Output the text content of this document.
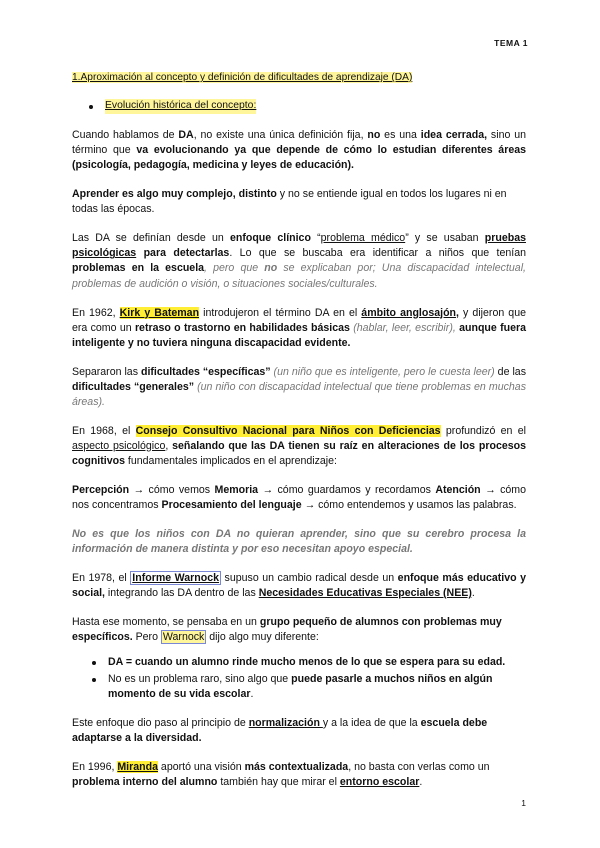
TEMA 1
1.Aproximación al concepto y definición de dificultades de aprendizaje (DA)
Evolución histórica del concepto:

Cuando hablamos de DA, no existe una única definición fija, no es una idea cerrada, sino un término que va evolucionando ya que depende de cómo lo estudian diferentes áreas (psicología, pedagogía, medicina y leyes de educación).

Aprender es algo muy complejo, distinto y no se entiende igual en todos los lugares ni en todas las épocas.

Las DA se definían desde un enfoque clínico “problema médico” y se usaban pruebas psicológicas para detectarlas. Lo que se buscaba era identificar a niños que tenían problemas en la escuela, pero que no se explicaban por; Una discapacidad intelectual, problemas de audición o visión, o situaciones sociales/culturales.

En 1962, Kirk y Bateman introdujeron el término DA en el ámbito anglosajón, y dijeron que era como un retraso o trastorno en habilidades básicas (hablar, leer, escribir), aunque fuera inteligente y no tuviera ninguna discapacidad evidente.

Separaron las dificultades “específicas” (un niño que es inteligente, pero le cuesta leer) de las dificultades “generales” (un niño con discapacidad intelectual que tiene problemas en muchas áreas).

En 1968, el Consejo Consultivo Nacional para Niños con Deficiencias profundizó en el aspecto psicológico, señalando que las DA tienen su raíz en alteraciones de los procesos cognitivos fundamentales implicados en el aprendizaje:

Percepción → cómo vemos Memoria → cómo guardamos y recordamos Atención → cómo nos concentramos Procesamiento del lenguaje → cómo entendemos y usamos las palabras.

No es que los niños con DA no quieran aprender, sino que su cerebro procesa la información de manera distinta y por eso necesitan apoyo especial.

En 1978, el Informe Warnock supuso un cambio radical desde un enfoque más educativo y social, integrando las DA dentro de las Necesidades Educativas Especiales (NEE).

Hasta ese momento, se pensaba en un grupo pequeño de alumnos con problemas muy específicos. Pero Warnock dijo algo muy diferente:

DA = cuando un alumno rinde mucho menos de lo que se espera para su edad.
No es un problema raro, sino algo que puede pasarle a muchos niños en algún momento de su vida escolar.

Este enfoque dio paso al principio de normalización y a la idea de que la escuela debe adaptarse a la diversidad.

En 1996, Miranda aportó una visión más contextualizada, no basta con verlas como un problema interno del alumno también hay que mirar el entorno escolar.

1
